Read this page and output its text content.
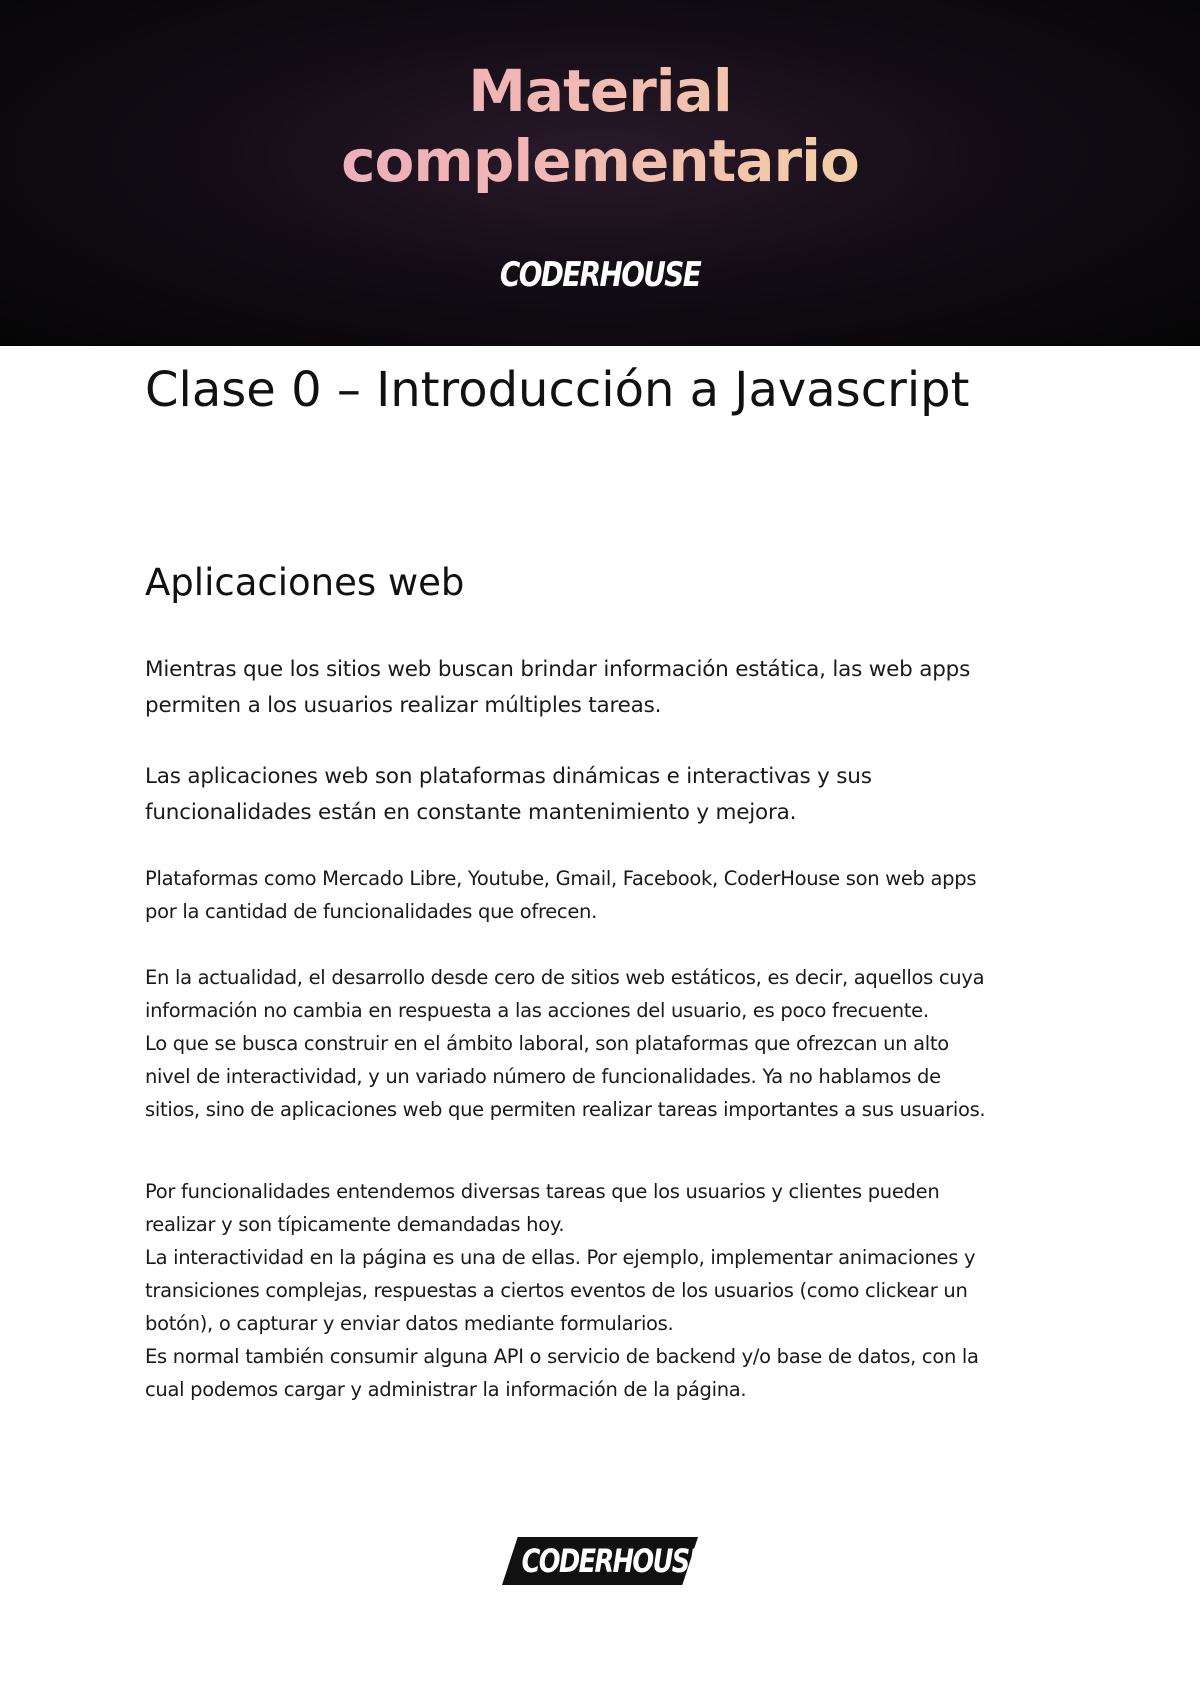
Material
complementario
CODERHOUSE
Clase 0 – Introducción a Javascript
Aplicaciones web

Mientras que los sitios web buscan brindar información estática, las web apps
permiten a los usuarios realizar múltiples tareas.

Las aplicaciones web son plataformas dinámicas e interactivas y sus
funcionalidades están en constante mantenimiento y mejora.

Plataformas como Mercado Libre, Youtube, Gmail, Facebook, CoderHouse son web apps
por la cantidad de funcionalidades que ofrecen.

En la actualidad, el desarrollo desde cero de sitios web estáticos, es decir, aquellos cuya
información no cambia en respuesta a las acciones del usuario, es poco frecuente.
Lo que se busca construir en el ámbito laboral, son plataformas que ofrezcan un alto
nivel de interactividad, y un variado número de funcionalidades. Ya no hablamos de
sitios, sino de aplicaciones web que permiten realizar tareas importantes a sus usuarios.

Por funcionalidades entendemos diversas tareas que los usuarios y clientes pueden
realizar y son típicamente demandadas hoy.
La interactividad en la página es una de ellas. Por ejemplo, implementar animaciones y
transiciones complejas, respuestas a ciertos eventos de los usuarios (como clickear un
botón), o capturar y enviar datos mediante formularios.
Es normal también consumir alguna API o servicio de backend y/o base de datos, con la
cual podemos cargar y administrar la información de la página.

CODERHOUSE
